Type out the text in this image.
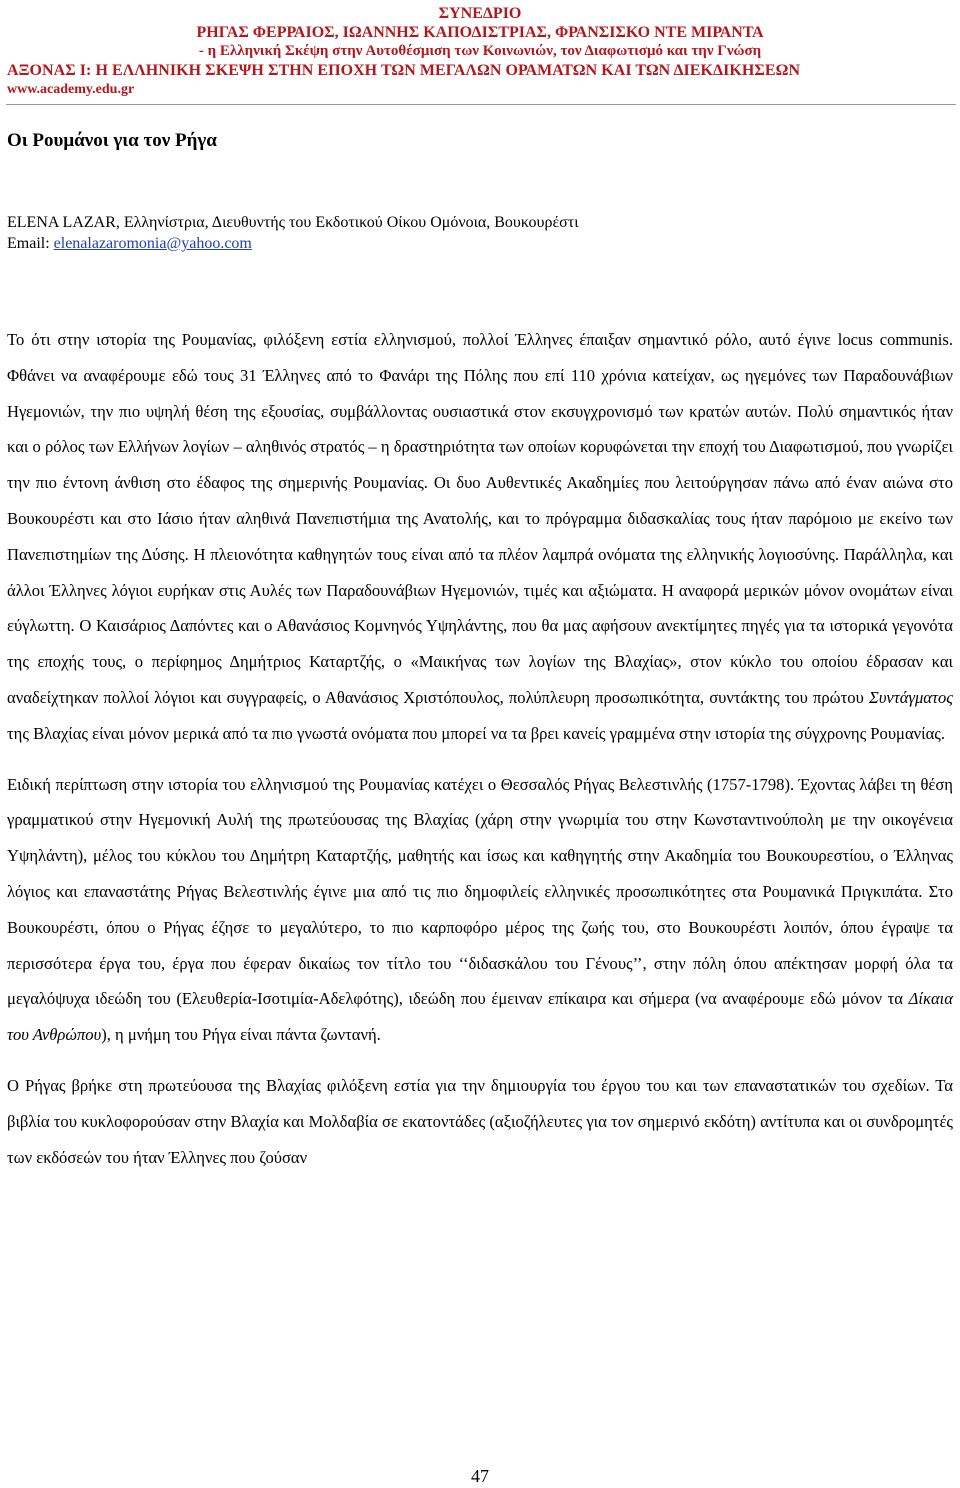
ΣΥΝΕΔΡΙΟ
ΡΗΓΑΣ ΦΕΡΡΑΙΟΣ, ΙΩΑΝΝΗΣ ΚΑΠΟΔΙΣΤΡΙΑΣ, ΦΡΑΝΣΙΣΚΟ ΝΤΕ ΜΙΡΑΝΤΑ
- η Ελληνική Σκέψη στην Αυτοθέσμιση των Κοινωνιών, τον Διαφωτισμό και την Γνώση
ΑΞΟΝΑΣ Ι: Η ΕΛΛΗΝΙΚΗ ΣΚΕΨΗ ΣΤΗΝ ΕΠΟΧΗ ΤΩΝ ΜΕΓΑΛΩΝ ΟΡΑΜΑΤΩΝ ΚΑΙ ΤΩΝ ΔΙΕΚΔΙΚΗΣΕΩΝ
www.academy.edu.gr
Οι Ρουμάνοι για τον Ρήγα
ELENA LAZAR, Ελληνίστρια, Διευθυντής του Εκδοτικού Οίκου Ομόνοια, Βουκουρέστι
Email: elenalazaromonia@yahoo.com

Το ότι στην ιστορία της Ρουμανίας, φιλόξενη εστία ελληνισμού, πολλοί Έλληνες έπαιξαν σημαντικό ρόλο, αυτό έγινε locus communis. Φθάνει να αναφέρουμε εδώ τους 31 Έλληνες από το Φανάρι της Πόλης που επί 110 χρόνια κατείχαν, ως ηγεμόνες των Παραδουνάβιων Ηγεμονιών, την πιο υψηλή θέση της εξουσίας, συμβάλλοντας ουσιαστικά στον εκσυγχρονισμό των κρατών αυτών. Πολύ σημαντικός ήταν και ο ρόλος των Ελλήνων λογίων – αληθινός στρατός – η δραστηριότητα των οποίων κορυφώνεται την εποχή του Διαφωτισμού, που γνωρίζει την πιο έντονη άνθιση στο έδαφος της σημερινής Ρουμανίας. Οι δυο Αυθεντικές Ακαδημίες που λειτούργησαν πάνω από έναν αιώνα στο Βουκουρέστι και στο Ιάσιο ήταν αληθινά Πανεπιστήμια της Ανατολής, και το πρόγραμμα διδασκαλίας τους ήταν παρόμοιο με εκείνο των Πανεπιστημίων της Δύσης. Η πλειονότητα καθηγητών τους είναι από τα πλέον λαμπρά ονόματα της ελληνικής λογιοσύνης. Παράλληλα, και άλλοι Έλληνες λόγιοι ευρήκαν στις Αυλές των Παραδουνάβιων Ηγεμονιών, τιμές και αξιώματα. Η αναφορά μερικών μόνον ονομάτων είναι εύγλωττη. Ο Καισάριος Δαπόντες και ο Αθανάσιος Κομνηνός Υψηλάντης, που θα μας αφήσουν ανεκτίμητες πηγές για τα ιστορικά γεγονότα της εποχής τους, ο περίφημος Δημήτριος Καταρτζής, ο «Μαικήνας των λογίων της Βλαχίας», στον κύκλο του οποίου έδρασαν και αναδείχτηκαν πολλοί λόγιοι και συγγραφείς, ο Αθανάσιος Χριστόπουλος, πολύπλευρη προσωπικότητα, συντάκτης του πρώτου Συντάγματος της Βλαχίας είναι μόνον μερικά από τα πιο γνωστά ονόματα που μπορεί να τα βρει κανείς γραμμένα στην ιστορία της σύγχρονης Ρουμανίας.

Ειδική περίπτωση στην ιστορία του ελληνισμού της Ρουμανίας κατέχει ο Θεσσαλός Ρήγας Βελεστινλής (1757-1798). Έχοντας λάβει τη θέση γραμματικού στην Ηγεμονική Αυλή της πρωτεύουσας της Βλαχίας (χάρη στην γνωριμία του στην Κωνσταντινούπολη με την οικογένεια Υψηλάντη), μέλος του κύκλου του Δημήτρη Καταρτζής, μαθητής και ίσως και καθηγητής στην Ακαδημία του Βουκουρεστίου, ο Έλληνας λόγιος και επαναστάτης Ρήγας Βελεστινλής έγινε μια από τις πιο δημοφιλείς ελληνικές προσωπικότητες στα Ρουμανικά Πριγκιπάτα. Στο Βουκουρέστι, όπου ο Ρήγας έζησε το μεγαλύτερο, το πιο καρποφόρο μέρος της ζωής του, στο Βουκουρέστι λοιπόν, όπου έγραψε τα περισσότερα έργα του, έργα που έφεραν δικαίως τον τίτλο του ‘‘διδασκάλου του Γένους’’, στην πόλη όπου απέκτησαν μορφή όλα τα μεγαλόψυχα ιδεώδη του (Ελευθερία-Ισοτιμία-Αδελφότης), ιδεώδη που έμειναν επίκαιρα και σήμερα (να αναφέρουμε εδώ μόνον τα Δίκαια του Ανθρώπου), η μνήμη του Ρήγα είναι πάντα ζωντανή.

Ο Ρήγας βρήκε στη πρωτεύουσα της Βλαχίας φιλόξενη εστία για την δημιουργία του έργου του και των επαναστατικών του σχεδίων. Τα βιβλία του κυκλοφορούσαν στην Βλαχία και Μολδαβία σε εκατοντάδες (αξιοζήλευτες για τον σημερινό εκδότη) αντίτυπα και οι συνδρομητές των εκδόσεών του ήταν Έλληνες που ζούσαν

47
